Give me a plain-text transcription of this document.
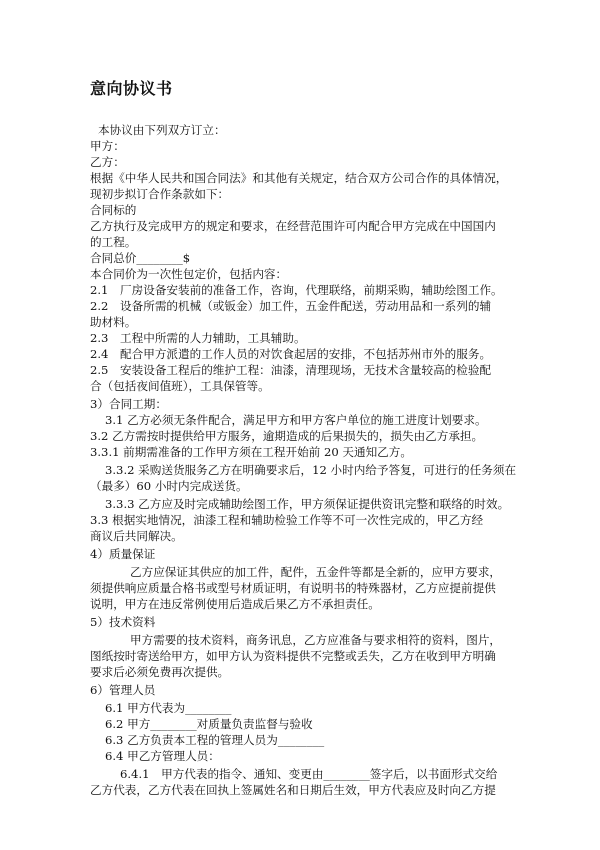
意向协议书
本协议由下列双方订立：
甲方：
乙方：
根据《中华人民共和国合同法》和其他有关规定，结合双方公司合作的具体情况，
现初步拟订合作条款如下：
合同标的
乙方执行及完成甲方的规定和要求，在经营范围许可内配合甲方完成在中国国内
的工程。
合同总价________$
本合同价为一次性包定价，包括内容：
2.1　厂房设备安装前的准备工作，咨询，代理联络，前期采购，辅助绘图工作。
2.2　设备所需的机械（或钣金）加工件，五金件配送，劳动用品和一系列的辅
助材料。
2.3　工程中所需的人力辅助，工具辅助。
2.4　配合甲方派遣的工作人员的对饮食起居的安排，不包括苏州市外的服务。
2.5　安装设备工程后的维护工程：油漆，清理现场，无技术含量较高的检验配
合（包括夜间值班），工具保管等。
3）合同工期：
3.1 乙方必须无条件配合，满足甲方和甲方客户单位的施工进度计划要求。
3.2 乙方需按时提供给甲方服务，逾期造成的后果损失的，损失由乙方承担。
3.3.1 前期需准备的工作甲方须在工程开始前 20 天通知乙方。
3.3.2 采购送货服务乙方在明确要求后，12 小时内给予答复，可进行的任务须在
（最多）60 小时内完成送货。
3.3.3 乙方应及时完成辅助绘图工作，甲方须保证提供资讯完整和联络的时效。
3.3 根据实地情况，油漆工程和辅助检验工作等不可一次性完成的，甲乙方经
商议后共同解决。
4）质量保证
乙方应保证其供应的加工件，配件，五金件等都是全新的，应甲方要求，
须提供响应质量合格书或型号材质证明，有说明书的特殊器材，乙方应提前提供
说明，甲方在违反常例使用后造成后果乙方不承担责任。
5）技术资料
甲方需要的技术资料，商务讯息，乙方应准备与要求相符的资料，图片，
图纸按时寄送给甲方，如甲方认为资料提供不完整或丢失，乙方在收到甲方明确
要求后必须免费再次提供。
6）管理人员
6.1 甲方代表为________
6.2 甲方________对质量负责监督与验收
6.3 乙方负责本工程的管理人员为________
6.4 甲乙方管理人员：
6.4.1　甲方代表的指令、通知、变更由________签字后，以书面形式交给
乙方代表，乙方代表在回执上签属姓名和日期后生效，甲方代表应及时向乙方提
